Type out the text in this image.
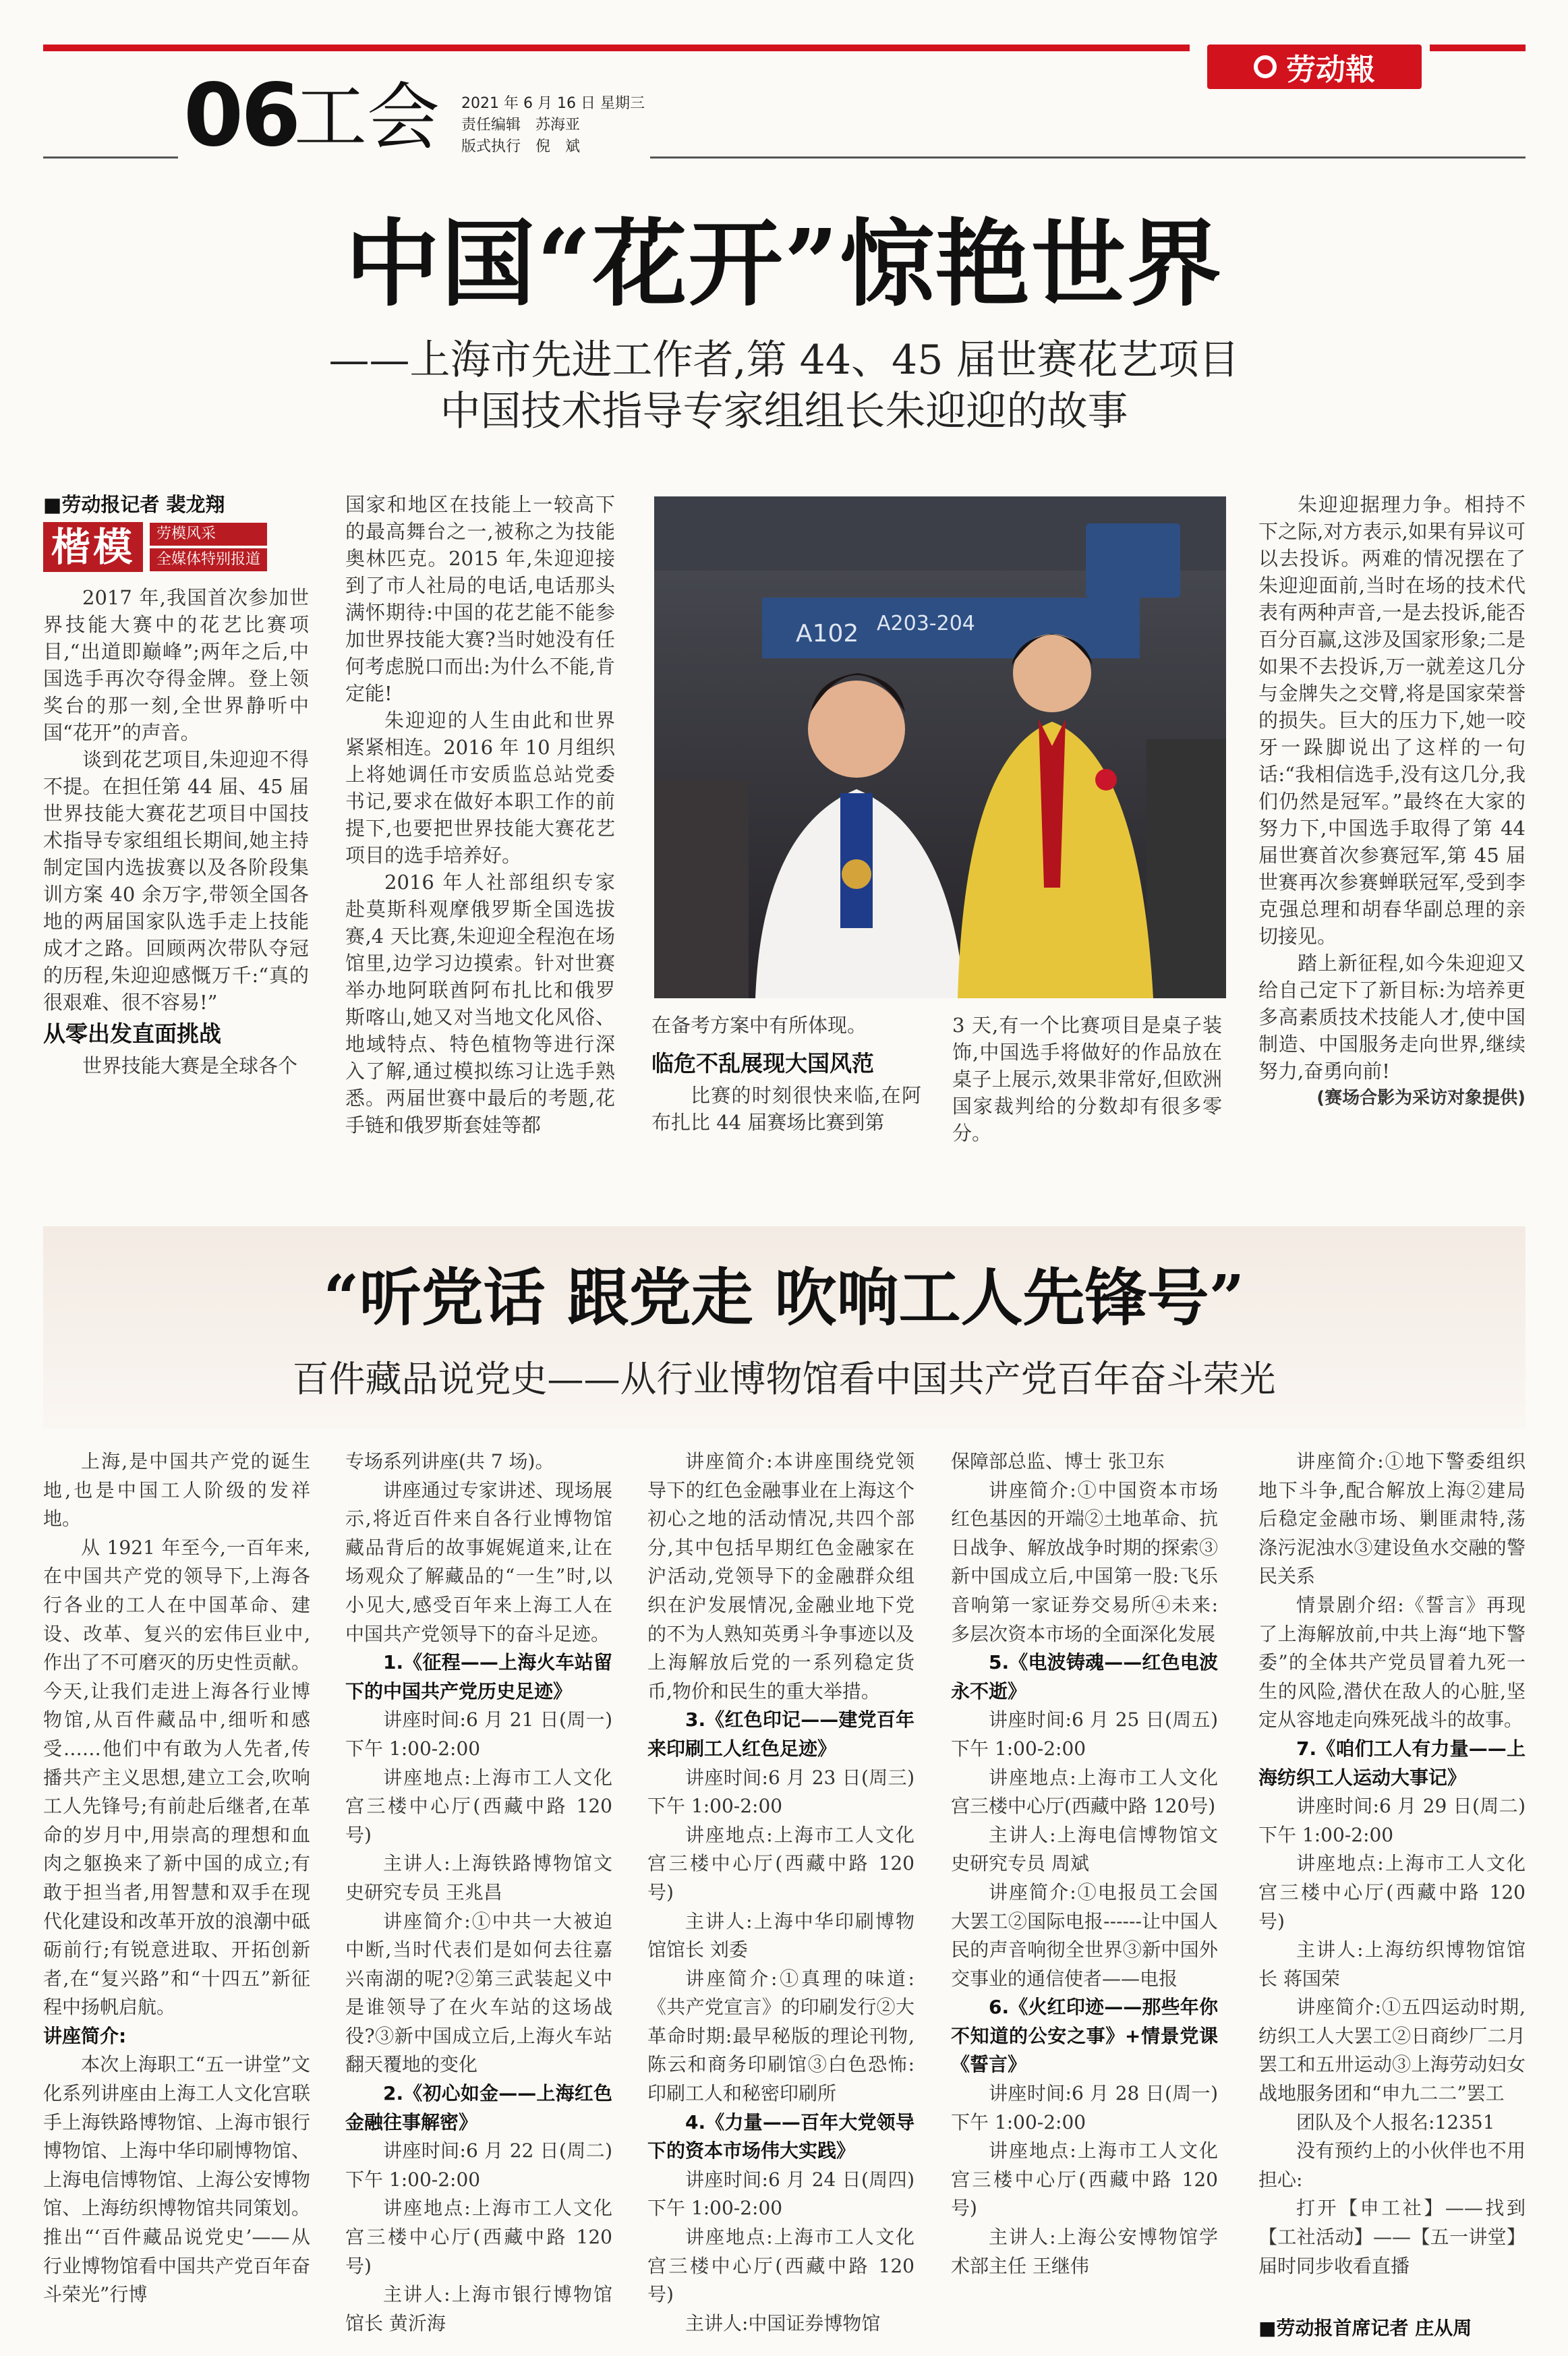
劳动報
06
工会 2021 年 6 月 16 日 星期三
责任编辑　苏海亚
版式执行　倪　斌
中国“花开”惊艳世界
——上海市先进工作者,第 44、45 届世赛花艺项目
中国技术指导专家组组长朱迎迎的故事
■劳动报记者 裴龙翔
楷模	劳模风采
全媒体特别报道

2017 年,我国首次参加世界技能大赛中的花艺比赛项目,“出道即巅峰”;两年之后,中国选手再次夺得金牌。登上领奖台的那一刻,全世界静听中国“花开”的声音。

谈到花艺项目,朱迎迎不得不提。在担任第 44 届、45 届世界技能大赛花艺项目中国技术指导专家组组长期间,她主持制定国内选拔赛以及各阶段集训方案 40 余万字,带领全国各地的两届国家队选手走上技能成才之路。回顾两次带队夺冠的历程,朱迎迎感慨万千:“真的很艰难、很不容易!”

从零出发直面挑战

世界技能大赛是全球各个

国家和地区在技能上一较高下的最高舞台之一,被称之为技能奥林匹克。2015 年,朱迎迎接到了市人社局的电话,电话那头满怀期待:中国的花艺能不能参加世界技能大赛?当时她没有任何考虑脱口而出:为什么不能,肯定能!

朱迎迎的人生由此和世界紧紧相连。2016 年 10 月组织上将她调任市安质监总站党委书记,要求在做好本职工作的前提下,也要把世界技能大赛花艺项目的选手培养好。

2016 年人社部组织专家赴莫斯科观摩俄罗斯全国选拔赛,4 天比赛,朱迎迎全程泡在场馆里,边学习边摸索。针对世赛举办地阿联酋阿布扎比和俄罗斯喀山,她又对当地文化风俗、地域特点、特色植物等进行深入了解,通过模拟练习让选手熟悉。两届世赛中最后的考题,花手链和俄罗斯套娃等都

A102 A203-204

在备考方案中有所体现。

临危不乱展现大国风范

比赛的时刻很快来临,在阿布扎比 44 届赛场比赛到第

3 天,有一个比赛项目是桌子装饰,中国选手将做好的作品放在桌子上展示,效果非常好,但欧洲国家裁判给的分数却有很多零分。

朱迎迎据理力争。相持不下之际,对方表示,如果有异议可以去投诉。两难的情况摆在了朱迎迎面前,当时在场的技术代表有两种声音,一是去投诉,能否百分百赢,这涉及国家形象;二是如果不去投诉,万一就差这几分与金牌失之交臂,将是国家荣誉的损失。巨大的压力下,她一咬牙一跺脚说出了这样的一句话:“我相信选手,没有这几分,我们仍然是冠军。”最终在大家的努力下,中国选手取得了第 44 届世赛首次参赛冠军,第 45 届世赛再次参赛蝉联冠军,受到李克强总理和胡春华副总理的亲切接见。

踏上新征程,如今朱迎迎又给自己定下了新目标:为培养更多高素质技术技能人才,使中国制造、中国服务走向世界,继续努力,奋勇向前!

(赛场合影为采访对象提供)
“听党话 跟党走 吹响工人先锋号”
百件藏品说党史——从行业博物馆看中国共产党百年奋斗荣光

上海,是中国共产党的诞生地,也是中国工人阶级的发祥地。

从 1921 年至今,一百年来,在中国共产党的领导下,上海各行各业的工人在中国革命、建设、改革、复兴的宏伟巨业中,作出了不可磨灭的历史性贡献。今天,让我们走进上海各行业博物馆,从百件藏品中,细听和感受……他们中有敢为人先者,传播共产主义思想,建立工会,吹响工人先锋号;有前赴后继者,在革命的岁月中,用崇高的理想和血肉之躯换来了新中国的成立;有敢于担当者,用智慧和双手在现代化建设和改革开放的浪潮中砥砺前行;有锐意进取、开拓创新者,在“复兴路”和“十四五”新征程中扬帆启航。

讲座简介:

本次上海职工“五一讲堂”文化系列讲座由上海工人文化宫联手上海铁路博物馆、上海市银行博物馆、上海中华印刷博物馆、上海电信博物馆、上海公安博物馆、上海纺织博物馆共同策划。推出“‘百件藏品说党史’——从行业博物馆看中国共产党百年奋斗荣光”行博

专场系列讲座(共 7 场)。

讲座通过专家讲述、现场展示,将近百件来自各行业博物馆藏品背后的故事娓娓道来,让在场观众了解藏品的“一生”时,以小见大,感受百年来上海工人在中国共产党领导下的奋斗足迹。

1.《征程——上海火车站留下的中国共产党历史足迹》

讲座时间:6 月 21 日(周一)下午 1:00-2:00

讲座地点:上海市工人文化宫三楼中心厅(西藏中路 120 号)

主讲人:上海铁路博物馆文史研究专员 王兆昌

讲座简介:①中共一大被迫中断,当时代表们是如何去往嘉兴南湖的呢?②第三武装起义中是谁领导了在火车站的这场战役?③新中国成立后,上海火车站翻天覆地的变化

2.《初心如金——上海红色金融往事解密》

讲座时间:6 月 22 日(周二)下午 1:00-2:00

讲座地点:上海市工人文化宫三楼中心厅(西藏中路 120 号)

主讲人:上海市银行博物馆馆长 黄沂海

讲座简介:本讲座围绕党领导下的红色金融事业在上海这个初心之地的活动情况,共四个部分,其中包括早期红色金融家在沪活动,党领导下的金融群众组织在沪发展情况,金融业地下党的不为人熟知英勇斗争事迹以及上海解放后党的一系列稳定货币,物价和民生的重大举措。

3.《红色印记——建党百年来印刷工人红色足迹》

讲座时间:6 月 23 日(周三)下午 1:00-2:00

讲座地点:上海市工人文化宫三楼中心厅(西藏中路 120 号)

主讲人:上海中华印刷博物馆馆长 刘委

讲座简介:①真理的味道:《共产党宣言》的印刷发行②大革命时期:最早秘版的理论刊物,陈云和商务印刷馆③白色恐怖:印刷工人和秘密印刷所

4.《力量——百年大党领导下的资本市场伟大实践》

讲座时间:6 月 24 日(周四)下午 1:00-2:00

讲座地点:上海市工人文化宫三楼中心厅(西藏中路 120 号)

主讲人:中国证券博物馆

保障部总监、博士 张卫东

讲座简介:①中国资本市场红色基因的开端②土地革命、抗日战争、解放战争时期的探索③新中国成立后,中国第一股:飞乐音响第一家证券交易所④未来:多层次资本市场的全面深化发展

5.《电波铸魂——红色电波永不逝》

讲座时间:6 月 25 日(周五)下午 1:00-2:00

讲座地点:上海市工人文化宫三楼中心厅(西藏中路 120号)

主讲人:上海电信博物馆文史研究专员 周斌

讲座简介:①电报员工会国大罢工②国际电报------让中国人民的声音响彻全世界③新中国外交事业的通信使者——电报

6.《火红印迹——那些年你不知道的公安之事》+情景党课《誓言》

讲座时间:6 月 28 日(周一)下午 1:00-2:00

讲座地点:上海市工人文化宫三楼中心厅(西藏中路 120 号)

主讲人:上海公安博物馆学术部主任 王继伟

讲座简介:①地下警委组织地下斗争,配合解放上海②建局后稳定金融市场、剿匪肃特,荡涤污泥浊水③建设鱼水交融的警民关系

情景剧介绍:《誓言》再现了上海解放前,中共上海“地下警委”的全体共产党员冒着九死一生的风险,潜伏在敌人的心脏,坚定从容地走向殊死战斗的故事。

7.《咱们工人有力量——上海纺织工人运动大事记》

讲座时间:6 月 29 日(周二)下午 1:00-2:00

讲座地点:上海市工人文化宫三楼中心厅(西藏中路 120 号)

主讲人:上海纺织博物馆馆长 蒋国荣

讲座简介:①五四运动时期,纺织工人大罢工②日商纱厂二月罢工和五卅运动③上海劳动妇女战地服务团和“申九二二”罢工

团队及个人报名:12351

没有预约上的小伙伴也不用担心:

打开【申工社】——找到【工社活动】——【五一讲堂】届时同步收看直播

■劳动报首席记者 庄从周
